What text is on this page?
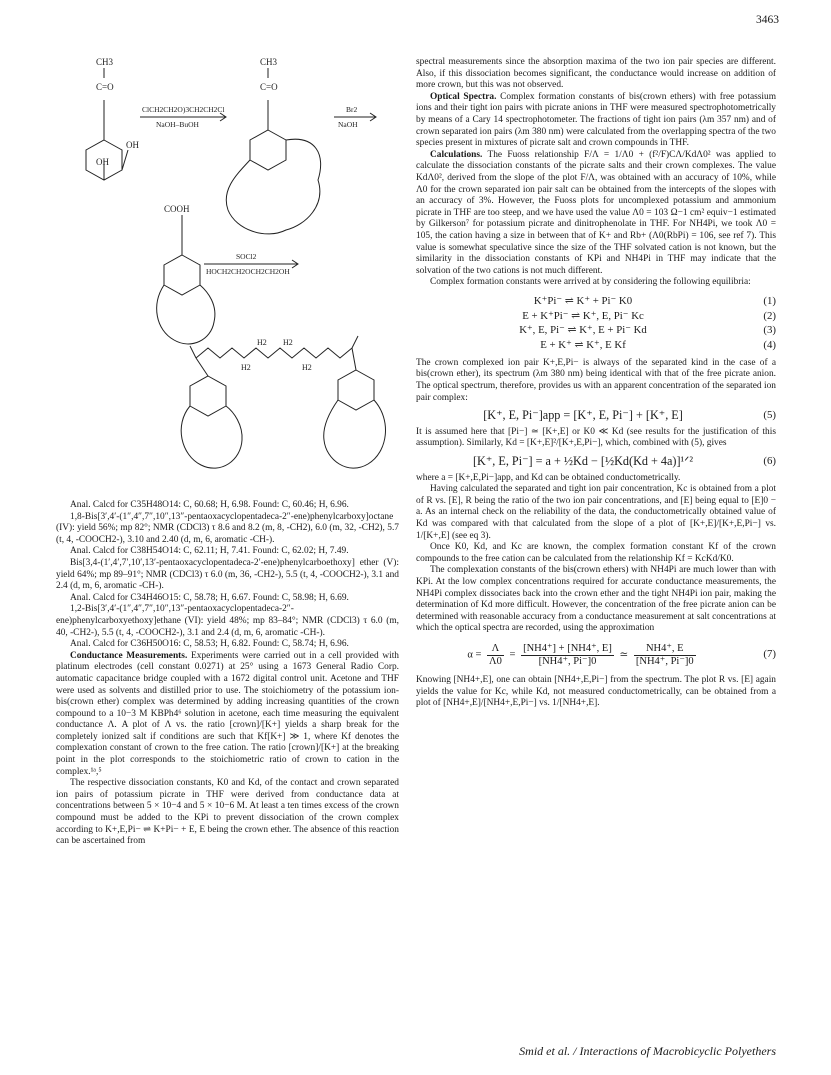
3463
CH3
C=O
OH
OH
CH3
C=O
ClCH2CH2O)3CH2CH2Cl
NaOH–BuOH
Br2
NaOH
COOH
SOCl2
HOCH2CH2OCH2CH2OH
H2 H2
H2	H2

Anal. Calcd for C35H48O14: C, 60.68; H, 6.98. Found: C, 60.46; H, 6.96.

1,8-Bis[3′,4′-(1″,4″,7″,10″,13″-pentaoxacyclopentadeca-2″-ene)phenylcarboxy]octane (IV): yield 56%; mp 82°; NMR (CDCl3) τ 8.6 and 8.2 (m, 8, -CH2), 6.0 (m, 32, -CH2), 5.7 (t, 4, -COOCH2-), 3.10 and 2.40 (d, m, 6, aromatic -CH-).

Anal. Calcd for C38H54O14: C, 62.11; H, 7.41. Found: C, 62.02; H, 7.49.

Bis[3,4-(1′,4′,7′,10′,13′-pentaoxacyclopentadeca-2′-ene)phenylcarboethoxy] ether (V): yield 64%; mp 89–91°; NMR (CDCl3) τ 6.0 (m, 36, -CH2-), 5.5 (t, 4, -COOCH2-), 3.1 and 2.4 (d, m, 6, aromatic -CH-).

Anal. Calcd for C34H46O15: C, 58.78; H, 6.67. Found: C, 58.98; H, 6.69.

1,2-Bis[3′,4′-(1″,4″,7″,10″,13″-pentaoxacyclopentadeca-2″-ene)phenylcarboxyethoxy]ethane (VI): yield 48%; mp 83–84°; NMR (CDCl3) τ 6.0 (m, 40, -CH2-), 5.5 (t, 4, -COOCH2-), 3.1 and 2.4 (d, m, 6, aromatic -CH-).

Anal. Calcd for C36H50O16: C, 58.53; H, 6.82. Found: C, 58.74; H, 6.96.

Conductance Measurements. Experiments were carried out in a cell provided with platinum electrodes (cell constant 0.0271) at 25° using a 1673 General Radio Corp. automatic capacitance bridge coupled with a 1672 digital control unit. Acetone and THF were used as solvents and distilled prior to use. The stoichiometry of the potassium ion-bis(crown ether) complex was determined by adding increasing quantities of the crown compound to a 10−3 M KBPh4⁶ solution in acetone, each time measuring the equivalent conductance Λ. A plot of Λ vs. the ratio [crown]/[K+] yields a sharp break for the completely ionized salt if conditions are such that Kf[K+] ≫ 1, where Kf denotes the complexation constant of crown to the free cation. The ratio [crown]/[K+] at the breaking point in the plot corresponds to the stoichiometric ratio of crown to cation in the complex.¹ᵃ,⁵

The respective dissociation constants, K0 and Kd, of the contact and crown separated ion pairs of potassium picrate in THF were derived from conductance data at concentrations between 5 × 10−4 and 5 × 10−6 M. At least a ten times excess of the crown compound must be added to the KPi to prevent dissociation of the crown complex according to K+,E,Pi− ⇌ K+Pi− + E, E being the crown ether. The absence of this reaction can be ascertained from

spectral measurements since the absorption maxima of the two ion pair species are different. Also, if this dissociation becomes significant, the conductance would increase on addition of more crown, but this was not observed.

Optical Spectra. Complex formation constants of bis(crown ethers) with free potassium ions and their tight ion pairs with picrate anions in THF were measured spectrophotometrically by means of a Cary 14 spectrophotometer. The fractions of tight ion pairs (λm 357 nm) and of crown separated ion pairs (λm 380 nm) were calculated from the overlapping spectra of the two species present in mixtures of picrate salt and crown compounds in THF.

Calculations. The Fuoss relationship F/Λ = 1/Λ0 + (f²/F)CΛ/KdΛ0² was applied to calculate the dissociation constants of the picrate salts and their crown complexes. The value KdΛ0², derived from the slope of the plot F/Λ, was obtained with an accuracy of 10%, while Λ0 for the crown separated ion pair salt can be obtained from the intercepts of the slopes with an accuracy of 3%. However, the Fuoss plots for uncomplexed potassium and ammonium picrate in THF are too steep, and we have used the value Λ0 = 103 Ω−1 cm² equiv−1 estimated by Gilkerson⁷ for potassium picrate and dinitrophenolate in THF. For NH4Pi, we took Λ0 = 105, the cation having a size in between that of K+ and Rb+ (Λ0(RbPi) = 106, see ref 7). This value is somewhat speculative since the size of the THF solvated cation is not known, but the similarity in the dissociation constants of KPi and NH4Pi in THF may indicate that the solvation of the two cations is not much different.

Complex formation constants were arrived at by considering the following equilibria:

K⁺Pi⁻ ⇌ K⁺ + Pi⁻ K0	(1)
E + K⁺Pi⁻ ⇌ K⁺, E, Pi⁻ Kc	(2)
K⁺, E, Pi⁻ ⇌ K⁺, E + Pi⁻ Kd	(3)
E + K⁺ ⇌ K⁺, E Kf	(4)

The crown complexed ion pair K+,E,Pi− is always of the separated kind in the case of a bis(crown ether), its spectrum (λm 380 nm) being identical with that of the free picrate anion. The optical spectrum, therefore, provides us with an apparent concentration of the separated ion pair complex:

[K⁺, E, Pi⁻]app = [K⁺, E, Pi⁻] + [K⁺, E]	(5)

It is assumed here that [Pi−] ≃ [K+,E] or K0 ≪ Kd (see results for the justification of this assumption). Similarly, Kd = [K+,E]²/[K+,E,Pi−], which, combined with (5), gives

[K⁺, E, Pi⁻] = a + ½Kd − [½Kd(Kd + 4a)]¹ᐟ²	(6)

where a = [K+,E,Pi−]app, and Kd can be obtained conductometrically.

Having calculated the separated and tight ion pair concentration, Kc is obtained from a plot of R vs. [E], R being the ratio of the two ion pair concentrations, and [E] being equal to [E]0 − a. As an internal check on the reliability of the data, the conductometrically obtained value of Kd was compared with that calculated from the slope of a plot of [K+,E]/[K+,E,Pi−] vs. 1/[K+,E] (see eq 3).

Once K0, Kd, and Kc are known, the complex formation constant Kf of the crown compounds to the free cation can be calculated from the relationship Kf = KcKd/K0.

The complexation constants of the bis(crown ethers) with NH4Pi are much lower than with KPi. At the low complex concentrations required for accurate conductance measurements, the NH4Pi complex dissociates back into the crown ether and the tight NH4Pi ion pair, making the determination of Kd more difficult. However, the concentration of the free picrate anion can be determined with reasonable accuracy from a conductance measurement at salt concentrations at which the optical spectra are recorded, using the approximation

$\alpha = \frac{\Lambda}{\Lambda 0} = \frac{[NH4^+] + [NH4^+, E]}{[NH4^+, Pi^-]0}$ ≃ $\frac{NH4^+, E}{[NH4^+, Pi^-]0}$	(7)

Knowing [NH4+,E], one can obtain [NH4+,E,Pi−] from the spectrum. The plot R vs. [E] again yields the value for Kc, while Kd, not measured conductometrically, can be obtained from a plot of [NH4+,E]/[NH4+,E,Pi−] vs. 1/[NH4+,E].

Smid et al. / Interactions of Macrobicyclic Polyethers
